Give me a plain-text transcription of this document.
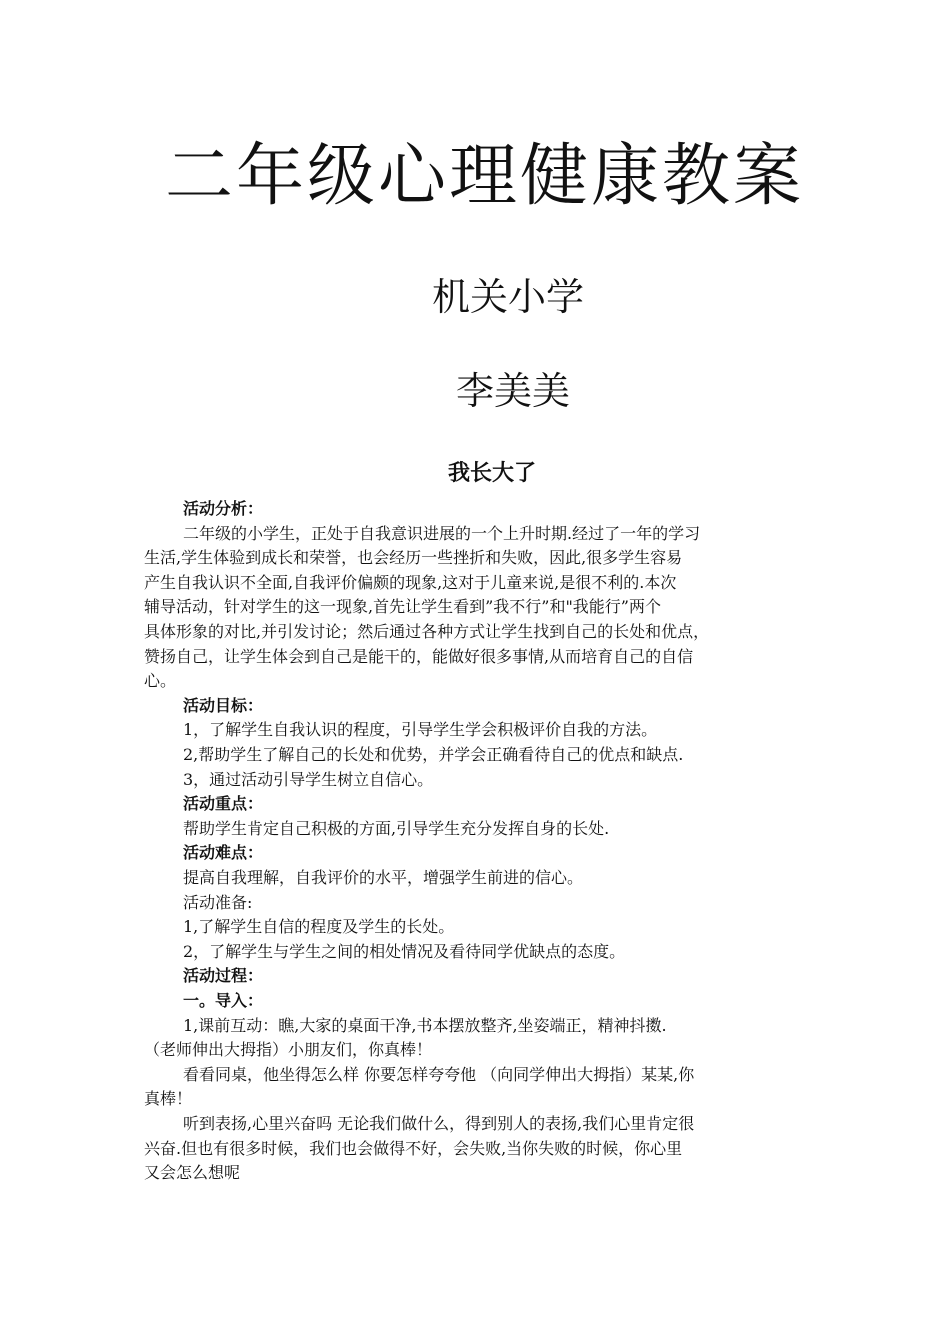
二年级心理健康教案
机关小学
李美美
我长大了
活动分析：
二年级的小学生，正处于自我意识进展的一个上升时期.经过了一年的学习
生活,学生体验到成长和荣誉，也会经历一些挫折和失败，因此,很多学生容易
产生自我认识不全面,自我评价偏颇的现象,这对于儿童来说,是很不利的.本次
辅导活动，针对学生的这一现象,首先让学生看到”我不行”和"我能行”两个
具体形象的对比,并引发讨论；然后通过各种方式让学生找到自己的长处和优点，
赞扬自己，让学生体会到自己是能干的，能做好很多事情,从而培育自己的自信
心。
活动目标：
1，了解学生自我认识的程度，引导学生学会积极评价自我的方法。
2,帮助学生了解自己的长处和优势，并学会正确看待自己的优点和缺点.
3，通过活动引导学生树立自信心。
活动重点：
帮助学生肯定自己积极的方面,引导学生充分发挥自身的长处.
活动难点：
提高自我理解，自我评价的水平，增强学生前进的信心。
活动准备:
1,了解学生自信的程度及学生的长处。
2，了解学生与学生之间的相处情况及看待同学优缺点的态度。
活动过程：
一。导入：
1,课前互动：瞧,大家的桌面干净,书本摆放整齐,坐姿端正，精神抖擞.
（老师伸出大拇指）小朋友们，你真棒！
看看同桌，他坐得怎么样 你要怎样夸夸他 （向同学伸出大拇指）某某,你
真棒！
听到表扬,心里兴奋吗 无论我们做什么，得到别人的表扬,我们心里肯定很
兴奋.但也有很多时候，我们也会做得不好，会失败,当你失败的时候，你心里
又会怎么想呢
